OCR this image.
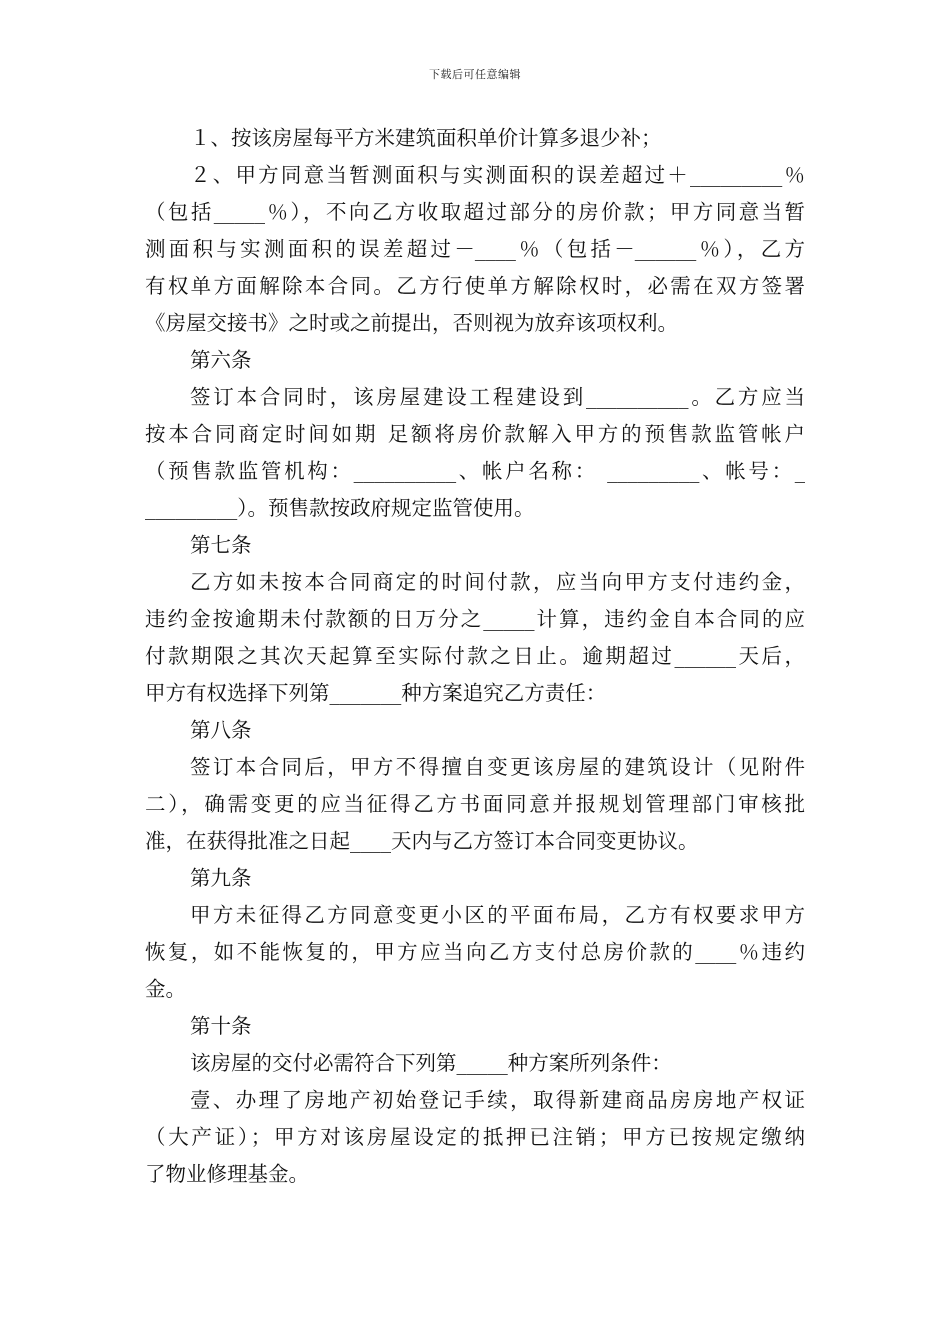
下载后可任意编辑
１、按该房屋每平方米建筑面积单价计算多退少补；
２、甲方同意当暂测面积与实测面积的误差超过＋_________％
（包括_____％），不向乙方收取超过部分的房价款；甲方同意当暂
测面积与实测面积的误差超过－____％（包括－______％），乙方
有权单方面解除本合同。乙方行使单方解除权时，必需在双方签署
《房屋交接书》之时或之前提出，否则视为放弃该项权利。
第六条
签订本合同时，该房屋建设工程建设到__________。乙方应当
按本合同商定时间如期 足额将房价款解入甲方的预售款监管帐户
（预售款监管机构：__________、帐户名称： _________、帐号：_
_________）。预售款按政府规定监管使用。
第七条
乙方如未按本合同商定的时间付款，应当向甲方支付违约金，
违约金按逾期未付款额的日万分之_____计算，违约金自本合同的应
付款期限之其次天起算至实际付款之日止。逾期超过______天后，
甲方有权选择下列第_______种方案追究乙方责任：
第八条
签订本合同后，甲方不得擅自变更该房屋的建筑设计（见附件
二），确需变更的应当征得乙方书面同意并报规划管理部门审核批
准，在获得批准之日起____天内与乙方签订本合同变更协议。
第九条
甲方未征得乙方同意变更小区的平面布局，乙方有权要求甲方
恢复，如不能恢复的，甲方应当向乙方支付总房价款的____％违约
金。
第十条
该房屋的交付必需符合下列第_____种方案所列条件：
壹、办理了房地产初始登记手续，取得新建商品房房地产权证
（大产证）；甲方对该房屋设定的抵押已注销；甲方已按规定缴纳
了物业修理基金。
